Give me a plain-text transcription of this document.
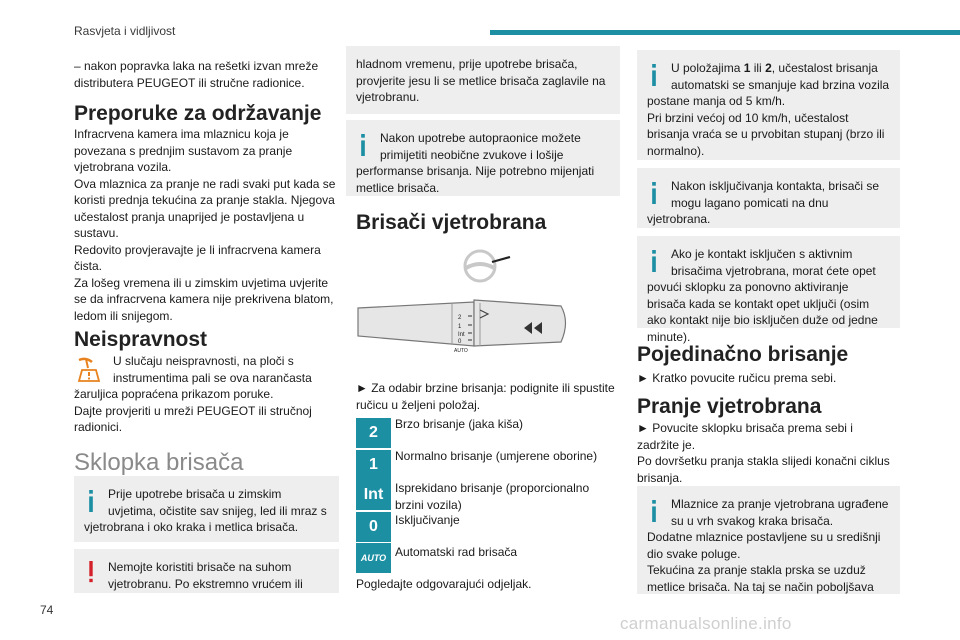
Rasvjeta i vidljivost

– nakon popravka laka na rešetki izvan mreže distributera PEUGEOT ili stručne radionice.

Preporuke za održavanje

Infracrvena kamera ima mlaznicu koja je povezana s prednjim sustavom za pranje vjetrobrana vozila.
Ova mlaznica za pranje ne radi svaki put kada se koristi prednja tekućina za pranje stakla. Njegova učestalost pranja unaprijed je postavljena u sustavu.
Redovito provjeravajte je li infracrvena kamera čista.
Za lošeg vremena ili u zimskim uvjetima uvjerite se da infracrvena kamera nije prekrivena blatom, ledom ili snijegom.

Neispravnost

U slučaju neispravnosti, na ploči s instrumentima pali se ova narančasta

žaruljica popraćena prikazom poruke.
Dajte provjeriti u mreži PEUGEOT ili stručnoj radionici.

Sklopka brisača

Prije upotrebe brisača u zimskim uvjetima, očistite sav snijeg, led ili mraz s

vjetrobrana i oko kraka i metlica brisača.

Nemojte koristiti brisače na suhom vjetrobranu. Po ekstremno vrućem ili

hladnom vremenu, prije upotrebe brisača, provjerite jesu li se metlice brisača zaglavile na vjetrobranu.

Nakon upotrebe autopraonice možete primijetiti neobične zvukove i lošije

performanse brisanja. Nije potrebno mijenjati metlice brisača.

Brisači vjetrobrana
2
1
Int
0
AUTO

► Za odabir brzine brisanja: podignite ili spustite ručicu u željeni položaj.

2	Brzo brisanje (jaka kiša)
1	Normalno brisanje (umjerene oborine)
Int Isprekidano brisanje (proporcionalno brzini vozila)
0	Isključivanje
AUTO Automatski rad brisača

Pogledajte odgovarajući odjeljak.

U položajima 1 ili 2, učestalost brisanja automatski se smanjuje kad brzina vozila

postane manja od 5 km/h.
Pri brzini većoj od 10 km/h, učestalost brisanja vraća se u prvobitan stupanj (brzo ili normalno).

Nakon isključivanja kontakta, brisači se mogu lagano pomicati na dnu

vjetrobrana.

Ako je kontakt isključen s aktivnim brisačima vjetrobrana, morat ćete opet

povući sklopku za ponovno aktiviranje brisača kada se kontakt opet uključi (osim ako kontakt nije bio isključen duže od jedne minute).

Pojedinačno brisanje

► Kratko povucite ručicu prema sebi.

Pranje vjetrobrana

► Povucite sklopku brisača prema sebi i zadržite je.
Po dovršetku pranja stakla slijedi konačni ciklus brisanja.

Mlaznice za pranje vjetrobrana ugrađene su u vrh svakog kraka brisača.

Dodatne mlaznice postavljene su u središnji dio svake poluge.
Tekućina za pranje stakla prska se uzduž metlice brisača. Na taj se način poboljšava

74
carmanualsonline.info
